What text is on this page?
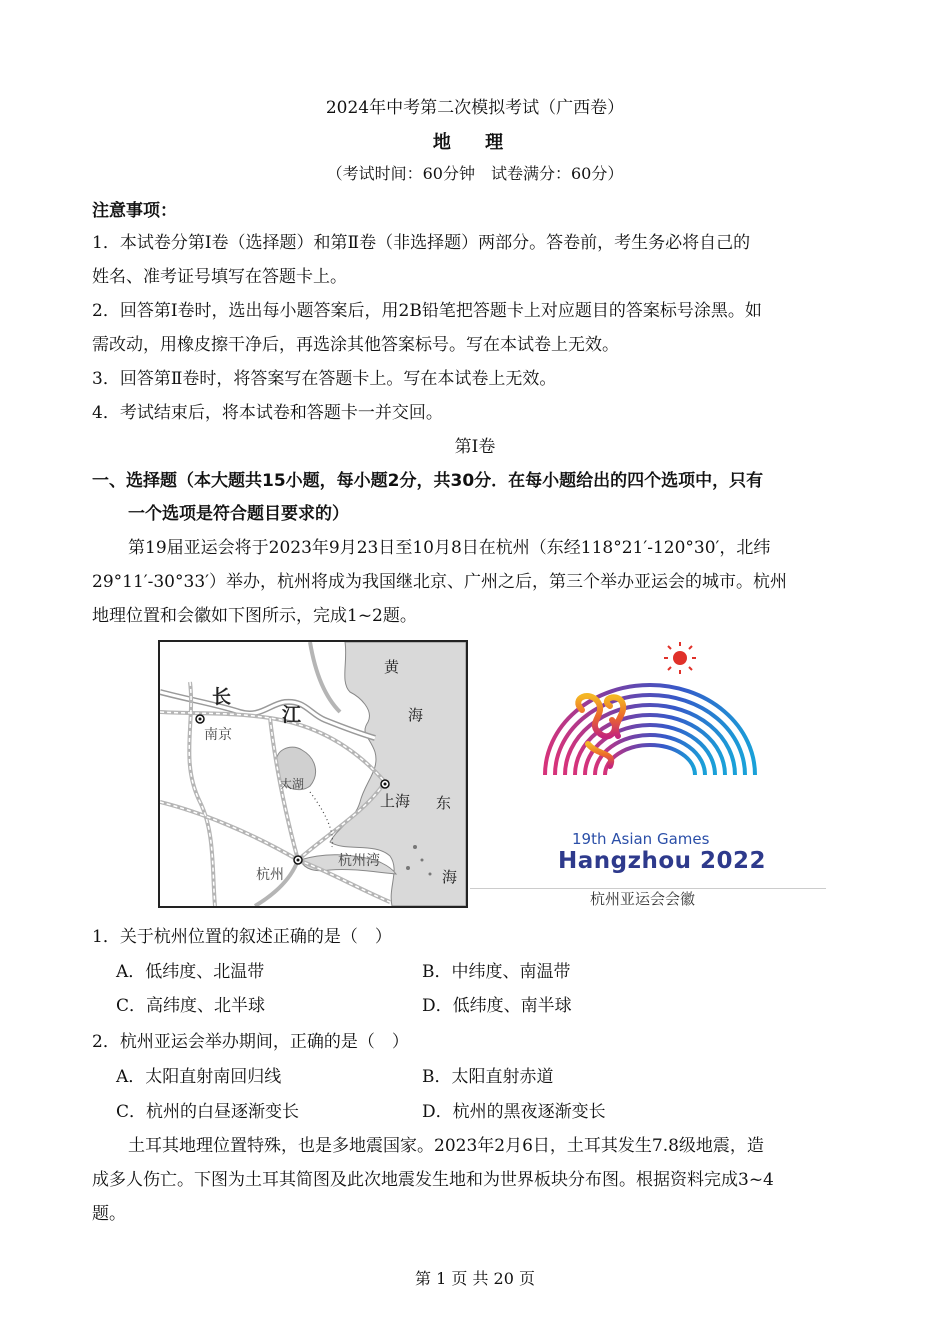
2024年中考第二次模拟考试（广西卷）
地 理
（考试时间：60分钟　试卷满分：60分）
注意事项：
1．本试卷分第Ⅰ卷（选择题）和第Ⅱ卷（非选择题）两部分。答卷前，考生务必将自己的
姓名、准考证号填写在答题卡上。
2．回答第Ⅰ卷时，选出每小题答案后，用2B铅笔把答题卡上对应题目的答案标号涂黑。如
需改动，用橡皮擦干净后，再选涂其他答案标号。写在本试卷上无效。
3．回答第Ⅱ卷时，将答案写在答题卡上。写在本试卷上无效。
4．考试结束后，将本试卷和答题卡一并交回。
第Ⅰ卷
一、选择题（本大题共15小题，每小题2分，共30分．在每小题给出的四个选项中，只有
一个选项是符合题目要求的）
第19届亚运会将于2023年9月23日至10月8日在杭州（东经118°21′-120°30′，北纬
29°11′-30°33′）举办，杭州将成为我国继北京、广州之后，第三个举办亚运会的城市。杭州
地理位置和会徽如下图所示，完成1~2题。
黄
海
长
江
南京
太湖
上海 东
杭州
杭州湾
海
19th Asian Games
Hangzhou 2022
杭州亚运会会徽
1．关于杭州位置的叙述正确的是（　）
A．低纬度、北温带	B．中纬度、南温带
C．高纬度、北半球	D．低纬度、南半球
2．杭州亚运会举办期间，正确的是（　）
A．太阳直射南回归线	B．太阳直射赤道
C．杭州的白昼逐渐变长	D．杭州的黑夜逐渐变长
土耳其地理位置特殊，也是多地震国家。2023年2月6日，土耳其发生7.8级地震，造
成多人伤亡。下图为土耳其简图及此次地震发生地和为世界板块分布图。根据资料完成3~4
题。
第 1 页 共 20 页
